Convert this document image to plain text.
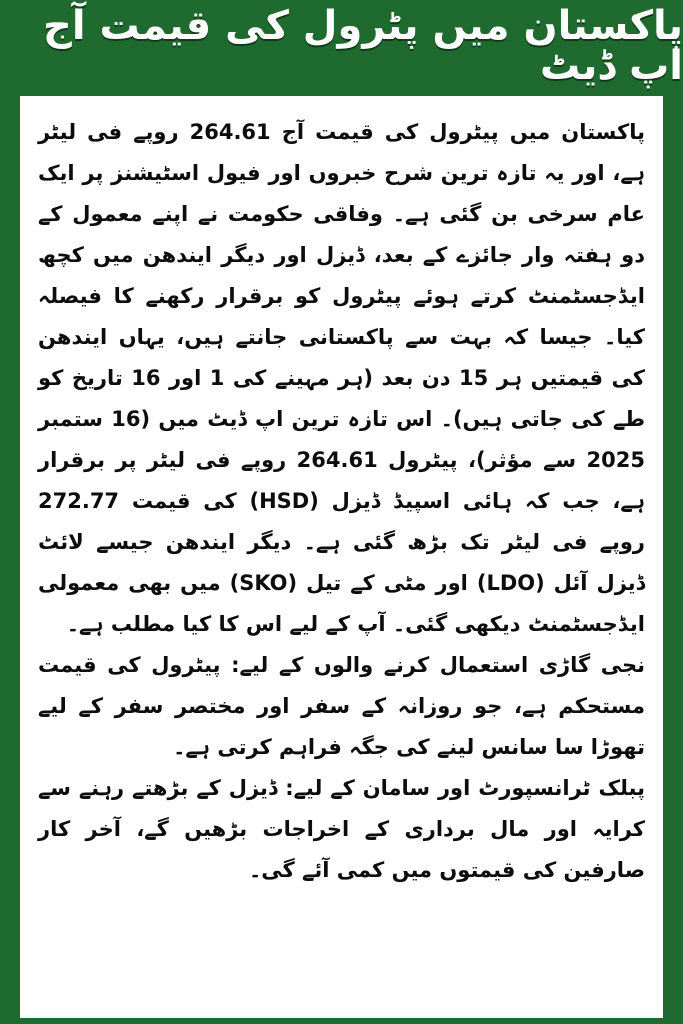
پاکستان میں پٹرول کی قیمت آج اپ ڈیٹ

پاکستان میں پیٹرول کی قیمت آج 264.61 روپے فی لیٹر ہے، اور یہ تازہ ترین شرح خبروں اور فیول اسٹیشنز پر ایک عام سرخی بن گئی ہے۔ وفاقی حکومت نے اپنے معمول کے دو ہفتہ وار جائزے کے بعد، ڈیزل اور دیگر ایندھن میں کچھ ایڈجسٹمنٹ کرتے ہوئے پیٹرول کو برقرار رکھنے کا فیصلہ کیا۔ جیسا کہ بہت سے پاکستانی جانتے ہیں، یہاں ایندھن کی قیمتیں ہر 15 دن بعد (ہر مہینے کی 1 اور 16 تاریخ کو طے کی جاتی ہیں)۔ اس تازہ ترین اپ ڈیٹ میں (16 ستمبر 2025 سے مؤثر)، پیٹرول 264.61 روپے فی لیٹر پر برقرار ہے، جب کہ ہائی اسپیڈ ڈیزل (HSD) کی قیمت 272.77 روپے فی لیٹر تک بڑھ گئی ہے۔ دیگر ایندھن جیسے لائٹ ڈیزل آئل (LDO) اور مٹی کے تیل (SKO) میں بھی معمولی ایڈجسٹمنٹ دیکھی گئی۔ آپ کے لیے اس کا کیا مطلب ہے۔

نجی گاڑی استعمال کرنے والوں کے لیے: پیٹرول کی قیمت مستحکم ہے، جو روزانہ کے سفر اور مختصر سفر کے لیے تھوڑا سا سانس لینے کی جگہ فراہم کرتی ہے۔

پبلک ٹرانسپورٹ اور سامان کے لیے: ڈیزل کے بڑھتے رہنے سے کرایہ اور مال برداری کے اخراجات بڑھیں گے، آخر کار صارفین کی قیمتوں میں کمی آئے گی۔
